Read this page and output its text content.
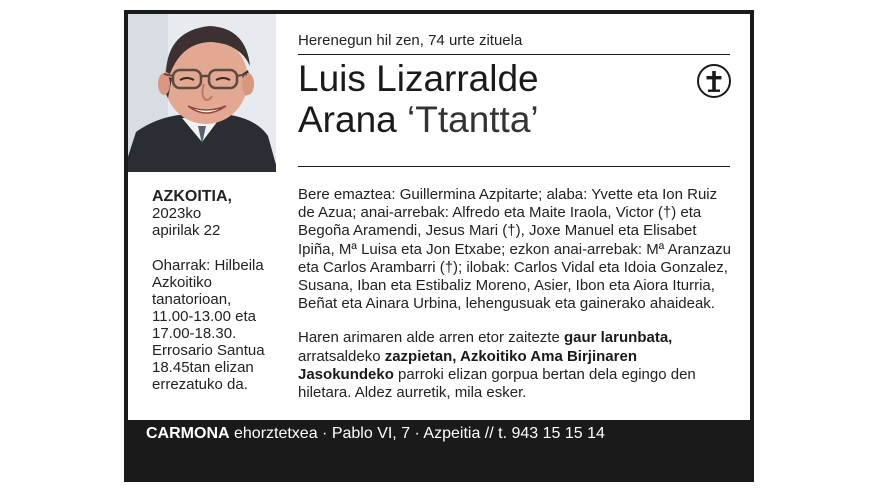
Herenegun hil zen, 74 urte zituela
Luis Lizarralde
Arana ‘Ttantta’

AZKOITIA,

2023ko

apirilak 22

Oharrak: Hilbeila Azkoitiko tanatorioan, 11.00-13.00 eta 17.00-18.30. Errosario Santua 18.45tan elizan errezatuko da.

Bere emaztea: Guillermina Azpitarte; alaba: Yvette eta Ion Ruiz de Azua; anai-arrebak: Alfredo eta Maite Iraola, Victor (†) eta Begoña Aramendi, Jesus Mari (†), Joxe Manuel eta Elisabet Ipiña, Mª Luisa eta Jon Etxabe; ezkon anai-arrebak: Mª Aranzazu eta Carlos Arambarri (†); ilobak: Carlos Vidal eta Idoia Gonzalez, Susana, Iban eta Estibaliz Moreno, Asier, Ibon eta Aiora Iturria, Beñat eta Ainara Urbina, lehengusuak eta gainerako ahaideak.

Haren arimaren alde arren etor zaitezte gaur larunbata, arratsaldeko zazpietan, Azkoitiko Ama Birjinaren Jasokundeko parroki elizan gorpua bertan dela egingo den hiletara. Aldez aurretik, mila esker.

CARMONA ehorztetxea · Pablo VI, 7 · Azpeitia // t. 943 15 15 14
